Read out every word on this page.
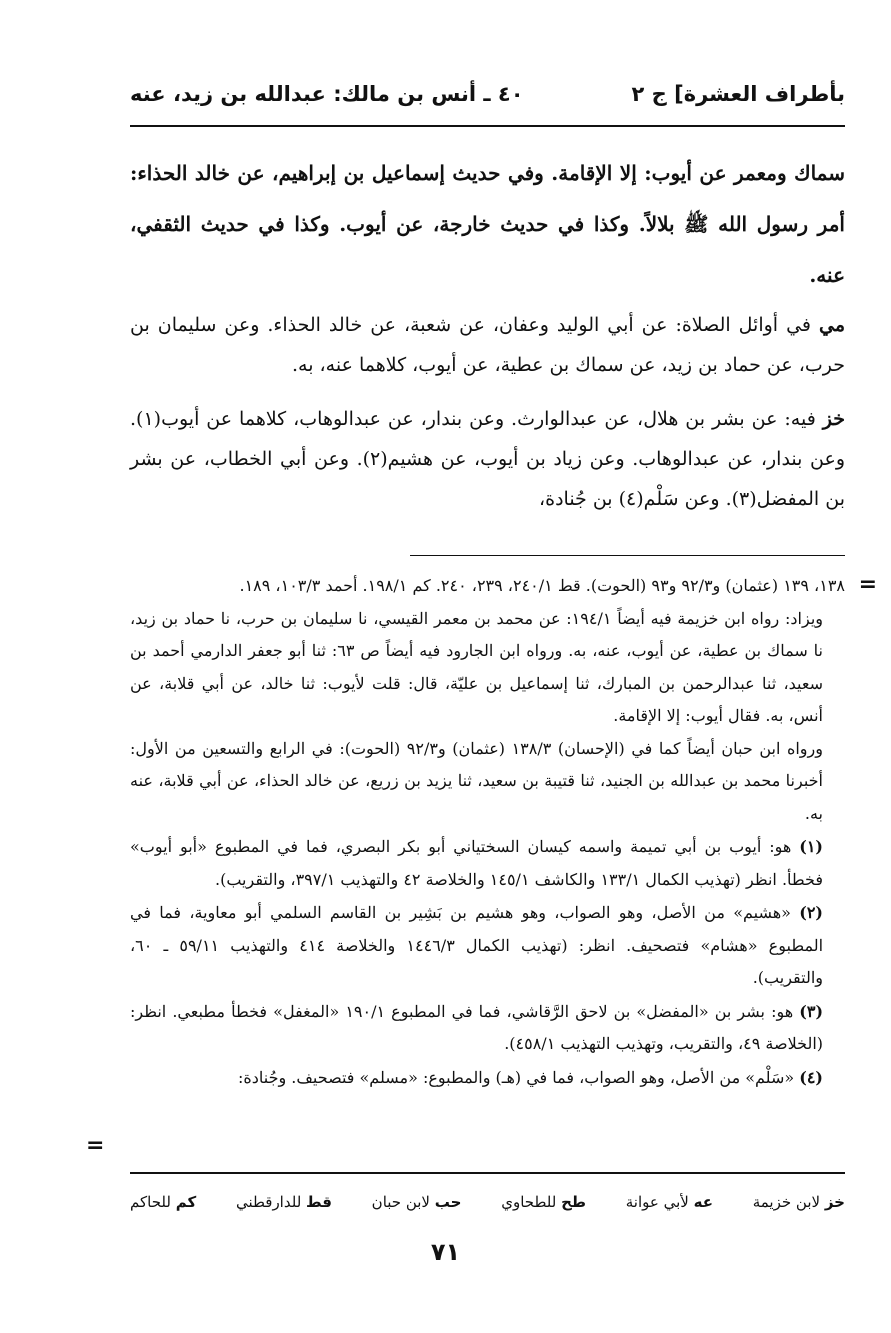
بأطراف العشرة] ج ٢
٤٠ ـ أنس بن مالك: عبدالله بن زيد، عنه

سماك ومعمر عن أيوب: إلا الإقامة. وفي حديث إسماعيل بن إبراهيم، عن خالد الحذاء: أمر رسول الله ﷺ بلالاً. وكذا في حديث خارجة، عن أيوب. وكذا في حديث الثقفي، عنه.

مي في أوائل الصلاة: عن أبي الوليد وعفان، عن شعبة، عن خالد الحذاء. وعن سليمان بن حرب، عن حماد بن زيد، عن سماك بن عطية، عن أيوب، كلاهما عنه، به.

خز فيه: عن بشر بن هلال، عن عبدالوارث. وعن بندار، عن عبدالوهاب، كلاهما عن أيوب(١). وعن بندار، عن عبدالوهاب. وعن زياد بن أيوب، عن هشيم(٢). وعن أبي الخطاب، عن بشر بن المفضل(٣). وعن سَلْم(٤) بن جُنادة،

=

١٣٨، ١٣٩ (عثمان) و٩٢/٣ و٩٣ (الحوت). قط ٢٤٠/١، ٢٣٩، ٢٤٠. كم ١٩٨/١. أحمد ١٠٣/٣، ١٨٩.

ويزاد: رواه ابن خزيمة فيه أيضاً ١٩٤/١: عن محمد بن معمر القيسي، نا سليمان بن حرب، نا حماد بن زيد، نا سماك بن عطية، عن أيوب، عنه، به. ورواه ابن الجارود فيه أيضاً ص ٦٣: ثنا أبو جعفر الدارمي أحمد بن سعيد، ثنا عبدالرحمن بن المبارك، ثنا إسماعيل بن عليّة، قال: قلت لأيوب: ثنا خالد، عن أبي قلابة، عن أنس، به. فقال أيوب: إلا الإقامة.

ورواه ابن حبان أيضاً كما في (الإحسان) ١٣٨/٣ (عثمان) و٩٢/٣ (الحوت): في الرابع والتسعين من الأول: أخبرنا محمد بن عبدالله بن الجنيد، ثنا قتيبة بن سعيد، ثنا يزيد بن زريع، عن خالد الحذاء، عن أبي قلابة، عنه به.

(١) هو: أيوب بن أبي تميمة واسمه كيسان السختياني أبو بكر البصري، فما في المطبوع «أبو أيوب» فخطأ. انظر (تهذيب الكمال ١٣٣/١ والكاشف ١٤٥/١ والخلاصة ٤٢ والتهذيب ٣٩٧/١، والتقريب).

(٢) «هشيم» من الأصل، وهو الصواب، وهو هشيم بن بَشِير بن القاسم السلمي أبو معاوية، فما في المطبوع «هشام» فتصحيف. انظر: (تهذيب الكمال ١٤٤٦/٣ والخلاصة ٤١٤ والتهذيب ٥٩/١١ ـ ٦٠، والتقريب).

(٣) هو: بشر بن «المفضل» بن لاحق الرَّقاشي، فما في المطبوع ١٩٠/١ «المغفل» فخطأ مطبعي. انظر: (الخلاصة ٤٩، والتقريب، وتهذيب التهذيب ٤٥٨/١).

(٤) «سَلْم» من الأصل، وهو الصواب، فما في (هـ) والمطبوع: «مسلم» فتصحيف. وجُنادة:

=
خز لابن خزيمة
عه لأبي عوانة
طح للطحاوي
حب لابن حبان
قط للدارقطني
كم للحاكم
٧١
